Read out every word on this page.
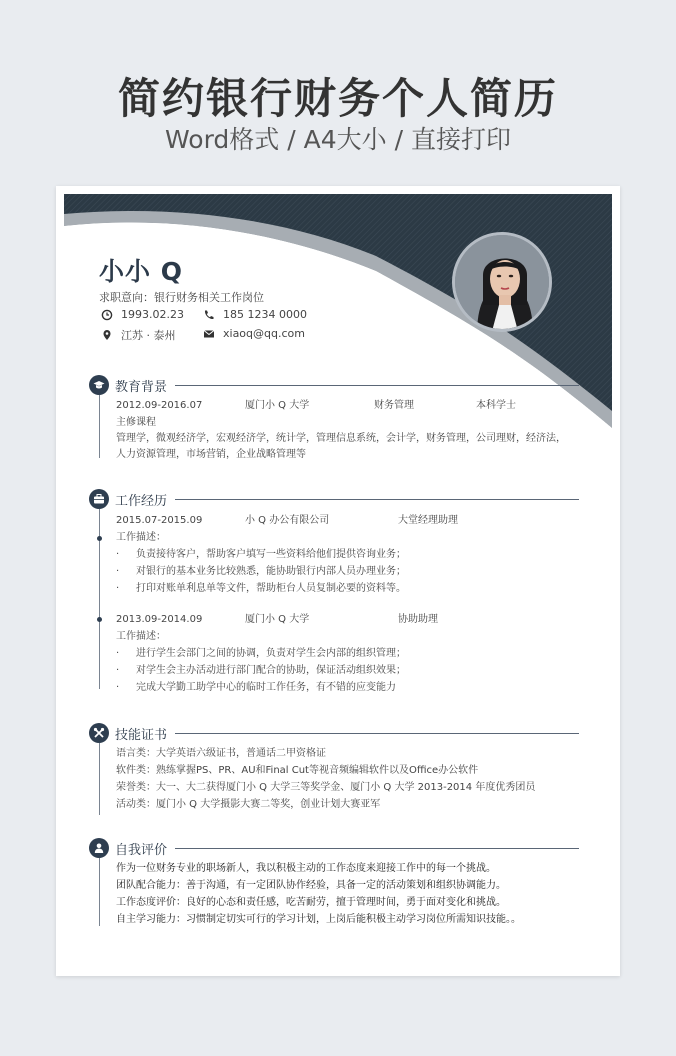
简约银行财务个人简历
Word格式 / A4大小 / 直接打印
小小 Q
求职意向：银行财务相关工作岗位
1993.02.23	185 1234 0000
江苏 · 泰州	xiaoq@qq.com
教育背景
2012.09-2016.07	厦门小 Q 大学	财务管理	本科学士
主修课程
管理学，微观经济学，宏观经济学，统计学，管理信息系统，会计学，财务管理，公司理财，经济法，
人力资源管理，市场营销，企业战略管理等
工作经历
2015.07-2015.09	小 Q 办公有限公司	大堂经理助理
工作描述：
· 负责接待客户，帮助客户填写一些资料给他们提供咨询业务；
· 对银行的基本业务比较熟悉，能协助银行内部人员办理业务；
· 打印对账单利息单等文件，帮助柜台人员复制必要的资料等。
2013.09-2014.09	厦门小 Q 大学	协助助理
工作描述：
· 进行学生会部门之间的协调，负责对学生会内部的组织管理；
· 对学生会主办活动进行部门配合的协助，保证活动组织效果；
· 完成大学勤工助学中心的临时工作任务，有不错的应变能力
技能证书
语言类：大学英语六级证书，普通话二甲资格证
软件类：熟练掌握PS、PR、AU和Final Cut等视音频编辑软件以及Office办公软件
荣誉类：大一、大二获得厦门小 Q 大学三等奖学金、厦门小 Q 大学 2013-2014 年度优秀团员
活动类：厦门小 Q 大学摄影大赛二等奖，创业计划大赛亚军
自我评价
作为一位财务专业的职场新人，我以积极主动的工作态度来迎接工作中的每一个挑战。
团队配合能力：善于沟通，有一定团队协作经验，具备一定的活动策划和组织协调能力。
工作态度评价：良好的心态和责任感，吃苦耐劳，擅于管理时间，勇于面对变化和挑战。
自主学习能力：习惯制定切实可行的学习计划，上岗后能积极主动学习岗位所需知识技能。。
